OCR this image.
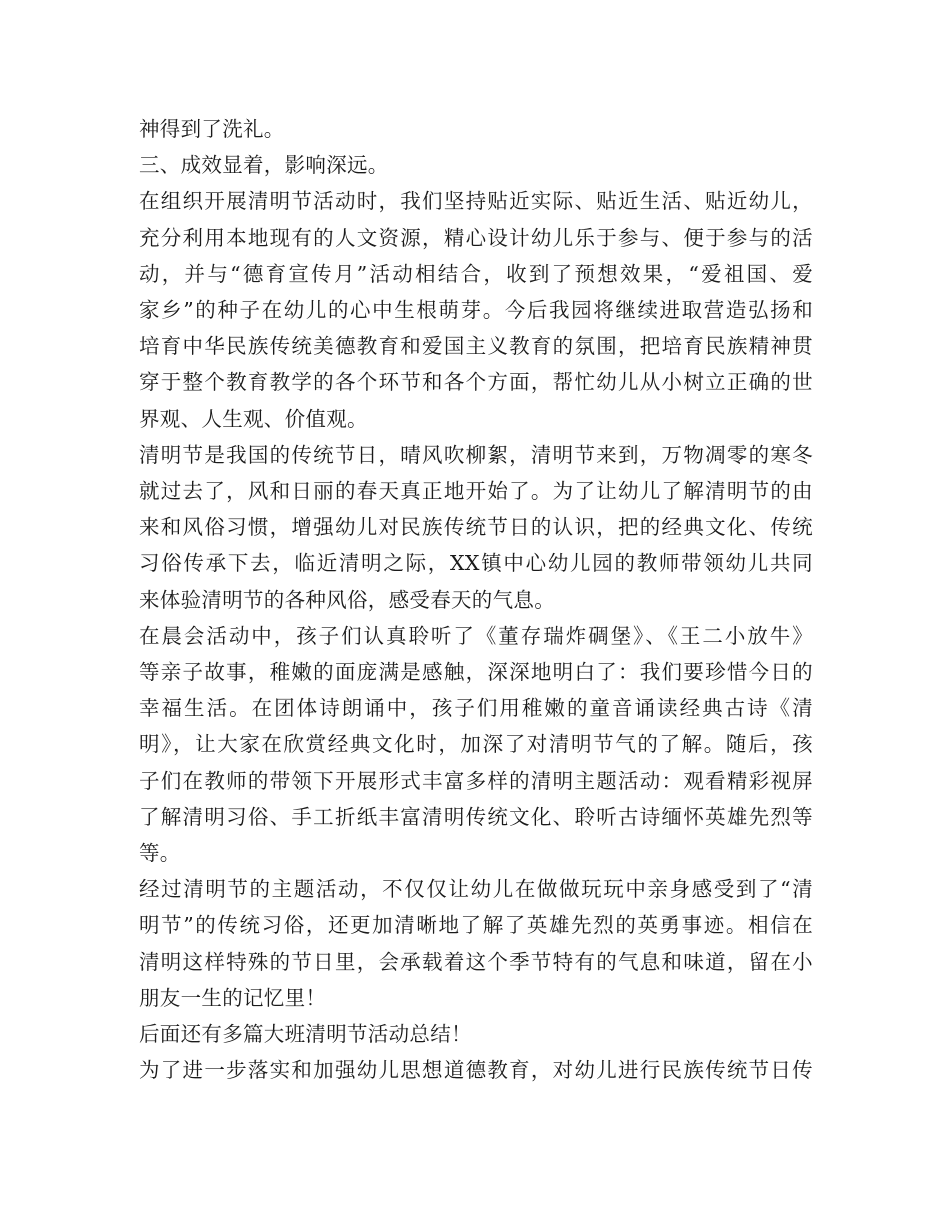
神得到了洗礼。
三、成效显着，影响深远。
在组织开展清明节活动时，我们坚持贴近实际、贴近生活、贴近幼儿，
充分利用本地现有的人文资源，精心设计幼儿乐于参与、便于参与的活
动，并与“德育宣传月”活动相结合，收到了预想效果，“爱祖国、爱
家乡”的种子在幼儿的心中生根萌芽。今后我园将继续进取营造弘扬和
培育中华民族传统美德教育和爱国主义教育的氛围，把培育民族精神贯
穿于整个教育教学的各个环节和各个方面，帮忙幼儿从小树立正确的世
界观、人生观、价值观。
清明节是我国的传统节日，晴风吹柳絮，清明节来到，万物凋零的寒冬
就过去了，风和日丽的春天真正地开始了。为了让幼儿了解清明节的由
来和风俗习惯，增强幼儿对民族传统节日的认识，把的经典文化、传统
习俗传承下去，临近清明之际，XX镇中心幼儿园的教师带领幼儿共同
来体验清明节的各种风俗，感受春天的气息。
在晨会活动中，孩子们认真聆听了《董存瑞炸碉堡》、《王二小放牛》
等亲子故事，稚嫩的面庞满是感触，深深地明白了：我们要珍惜今日的
幸福生活。在团体诗朗诵中，孩子们用稚嫩的童音诵读经典古诗《清
明》，让大家在欣赏经典文化时，加深了对清明节气的了解。随后，孩
子们在教师的带领下开展形式丰富多样的清明主题活动：观看精彩视屏
了解清明习俗、手工折纸丰富清明传统文化、聆听古诗缅怀英雄先烈等
等。
经过清明节的主题活动，不仅仅让幼儿在做做玩玩中亲身感受到了“清
明节”的传统习俗，还更加清晰地了解了英雄先烈的英勇事迹。相信在
清明这样特殊的节日里，会承载着这个季节特有的气息和味道，留在小
朋友一生的记忆里！
后面还有多篇大班清明节活动总结！
为了进一步落实和加强幼儿思想道德教育，对幼儿进行民族传统节日传
